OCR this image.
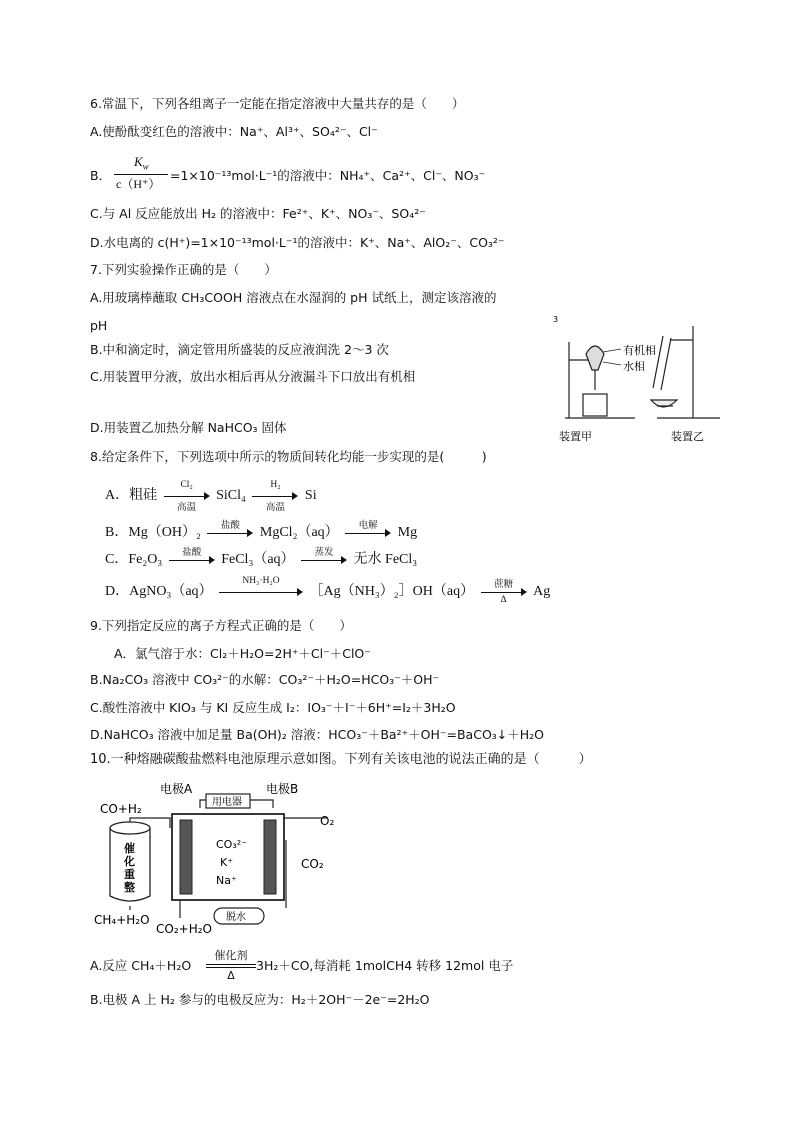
6.常温下，下列各组离子一定能在指定溶液中大量共存的是（　　）
A.使酚酞变红色的溶液中：Na⁺、Al³⁺、SO₄²⁻、Cl⁻
B．
$K_w$
c（H⁺）
=1×10⁻¹³mol·L⁻¹的溶液中：NH₄⁺、Ca²⁺、Cl⁻、NO₃⁻
C.与 Al 反应能放出 H₂ 的溶液中：Fe²⁺、K⁺、NO₃⁻、SO₄²⁻
D.水电离的 c(H⁺)=1×10⁻¹³mol·L⁻¹的溶液中：K⁺、Na⁺、AlO₂⁻、CO₃²⁻
7.下列实验操作正确的是（　　）
A.用玻璃棒蘸取 CH₃COOH 溶液点在水湿润的 pH 试纸上，测定该溶液的
pH
B.中和滴定时，滴定管用所盛装的反应液润洗 2～3 次
C.用装置甲分液，放出水相后再从分液漏斗下口放出有机相
D.用装置乙加热分解 NaHCO₃ 固体
3
有机相
水相
装置甲	装置乙
8.给定条件下，下列选项中所示的物质间转化均能一步实现的是(　　　)
A．粗硅
Cl₂
高温
SiCl₄
H₂
高温
Si
B．Mg（OH）₂	盐酸	MgCl₂（aq）	电解	Mg
C．Fe₂O₃	盐酸	FeCl₃（aq）	蒸发	无水 FeCl₃
D．AgNO₃（aq）
NH₃·H₂O
［Ag（NH₃）₂］OH（aq）	蔗糖
Δ
Ag
9.下列指定反应的离子方程式正确的是（　　）
A．氯气溶于水：Cl₂＋H₂O=2H⁺＋Cl⁻＋ClO⁻
B.Na₂CO₃ 溶液中 CO₃²⁻的水解：CO₃²⁻＋H₂O=HCO₃⁻＋OH⁻
C.酸性溶液中 KIO₃ 与 KI 反应生成 I₂：IO₃⁻＋I⁻＋6H⁺=I₂＋3H₂O
D.NaHCO₃ 溶液中加足量 Ba(OH)₂ 溶液：HCO₃⁻＋Ba²⁺＋OH⁻=BaCO₃↓＋H₂O
10.一种熔融碳酸盐燃料电池原理示意如图。下列有关该电池的说法正确的是（　　　）
CO+H₂
电极A	电极B
O₂
CO₂
CH₄+H₂O
CO₂+H₂O
催
化
重
整
用电器
CO₃²⁻
K⁺
Na⁺
脱水
A.反应 CH₄＋H₂O
催化剂
Δ
3H₂＋CO,每消耗 1molCH4 转移 12mol 电子
B.电极 A 上 H₂ 参与的电极反应为：H₂＋2OH⁻－2e⁻=2H₂O
